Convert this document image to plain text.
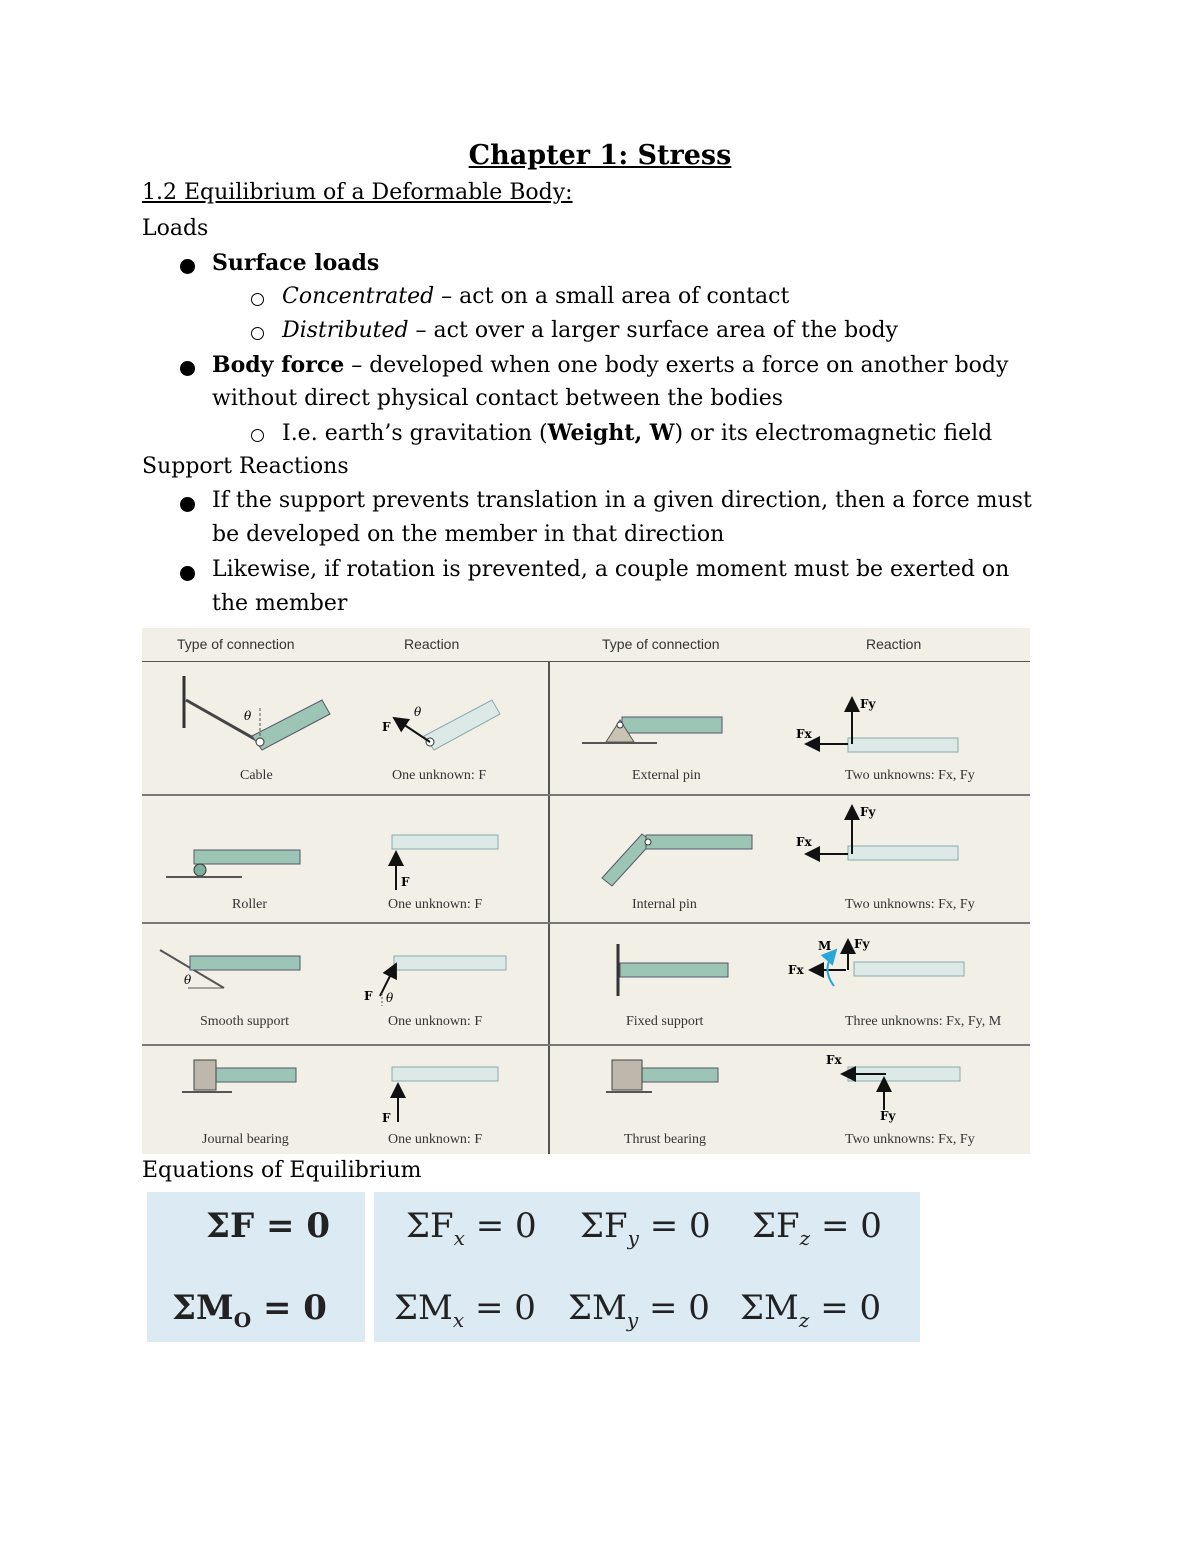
Chapter 1: Stress
1.2 Equilibrium of a Deformable Body:
Loads
Surface loads
Concentrated – act on a small area of contact
Distributed – act over a larger surface area of the body
Body force – developed when one body exerts a force on another body
without direct physical contact between the bodies
I.e. earth’s gravitation (Weight, W) or its electromagnetic field
Support Reactions
If the support prevents translation in a given direction, then a force must
be developed on the member in that direction
Likewise, if rotation is prevented, a couple moment must be exerted on
the member
Type of connection	Reaction	Type of connection	Reaction
θ
F
θ
Fy
Fx
F
Fy
Fx
θ
F θ
M Fy
Fx
F
Fx
Fy
Cable	One unknown: F	External pin	Two unknowns: Fx, Fy
Roller	One unknown: F	Internal pin	Two unknowns: Fx, Fy
Smooth support	One unknown: F	Fixed support	Three unknowns: Fx, Fy, M
Journal bearing	One unknown: F	Thrust bearing	Two unknowns: Fx, Fy
Equations of Equilibrium
ΣF = 0
$\Sigma M_O = 0$
$\Sigma F_x = 0$ $\Sigma F_y = 0$ $\Sigma F_z = 0$
$\Sigma M_x = 0$ $\Sigma M_y = 0$ $\Sigma M_z = 0$
